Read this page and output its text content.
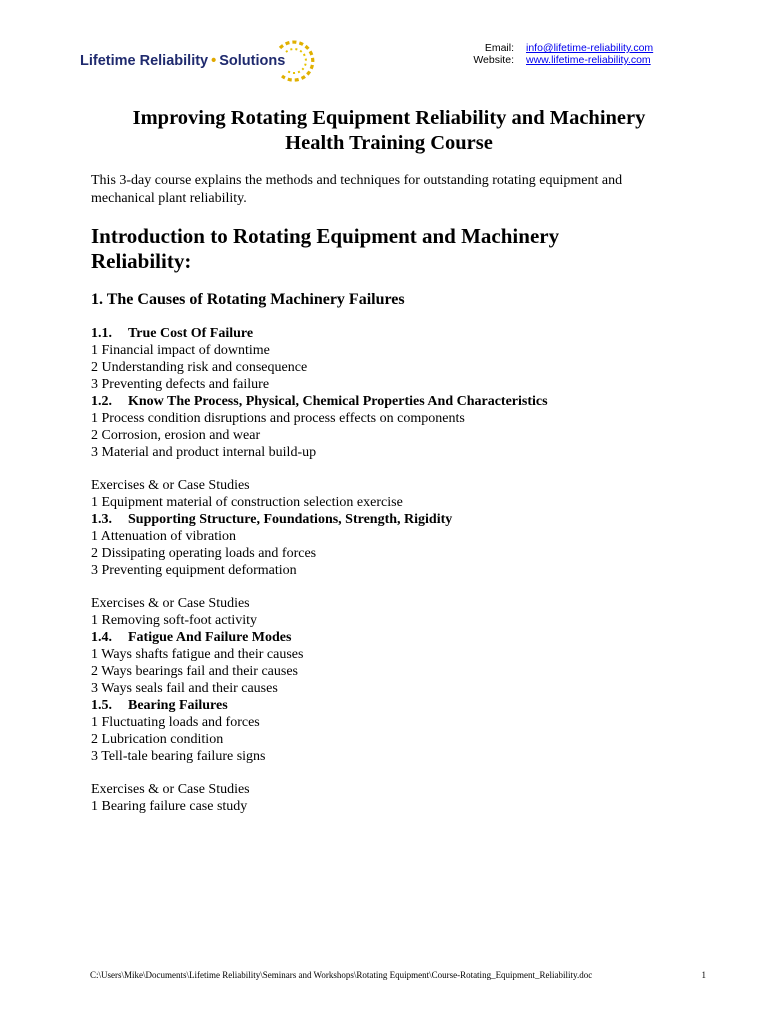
Lifetime Reliability • Solutions
Email:	info@lifetime-reliability.com
Website:	www.lifetime-reliability.com
Improving Rotating Equipment Reliability and Machinery
Health Training Course
This 3-day course explains the methods and techniques for outstanding rotating equipment and
mechanical plant reliability.
Introduction to Rotating Equipment and Machinery
Reliability:
1. The Causes of Rotating Machinery Failures
1.1. True Cost Of Failure
1 Financial impact of downtime
2 Understanding risk and consequence
3 Preventing defects and failure
1.2. Know The Process, Physical, Chemical Properties And Characteristics
1 Process condition disruptions and process effects on components
2 Corrosion, erosion and wear
3 Material and product internal build-up
Exercises & or Case Studies
1 Equipment material of construction selection exercise
1.3. Supporting Structure, Foundations, Strength, Rigidity
1 Attenuation of vibration
2 Dissipating operating loads and forces
3 Preventing equipment deformation
Exercises & or Case Studies
1 Removing soft-foot activity
1.4. Fatigue And Failure Modes
1 Ways shafts fatigue and their causes
2 Ways bearings fail and their causes
3 Ways seals fail and their causes
1.5. Bearing Failures
1 Fluctuating loads and forces
2 Lubrication condition
3 Tell-tale bearing failure signs
Exercises & or Case Studies
1 Bearing failure case study
C:\Users\Mike\Documents\Lifetime Reliability\Seminars and Workshops\Rotating Equipment\Course-Rotating_Equipment_Reliability.doc	1
